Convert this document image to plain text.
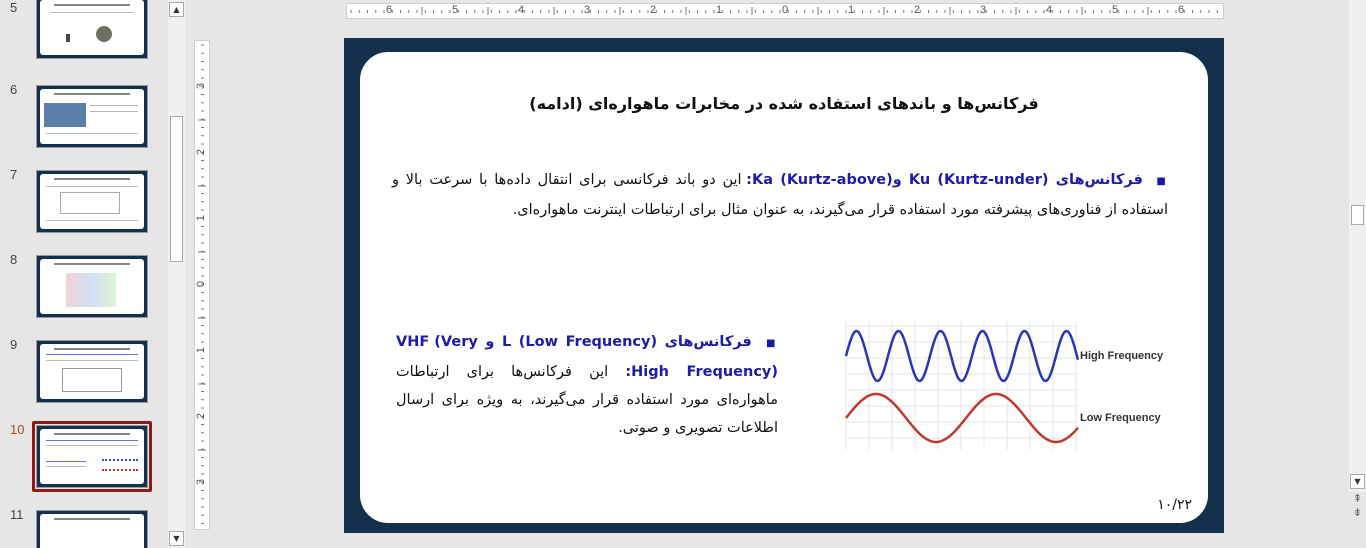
5
6
7
8
9
10
11
▲
▼
6	5	4	3	2	1	0	1	2	3	4	5	6
3
2
1
0
1
2
3
فرکانس‌ها و باندهای استفاده شده در مخابرات ماهواره‌ای (ادامه)
■  فرکانس‌های Ku (Kurtz-under) وKa (Kurtz-above): این دو باند فرکانسی برای انتقال داده‌ها با سرعت بالا و استفاده از فناوری‌های پیشرفته مورد استفاده قرار می‌گیرند، به عنوان مثال برای ارتباطات اینترنت ماهواره‌ای.
■  فرکانس‌های L (Low Frequency) و VHF (Very High Frequency): این فرکانس‌ها برای ارتباطات ماهواره‌ای مورد استفاده قرار می‌گیرند، به ویژه برای ارسال اطلاعات تصویری و صوتی.
High Frequency
Low Frequency
۱۰/۲۲
▼
⇞
⇟
